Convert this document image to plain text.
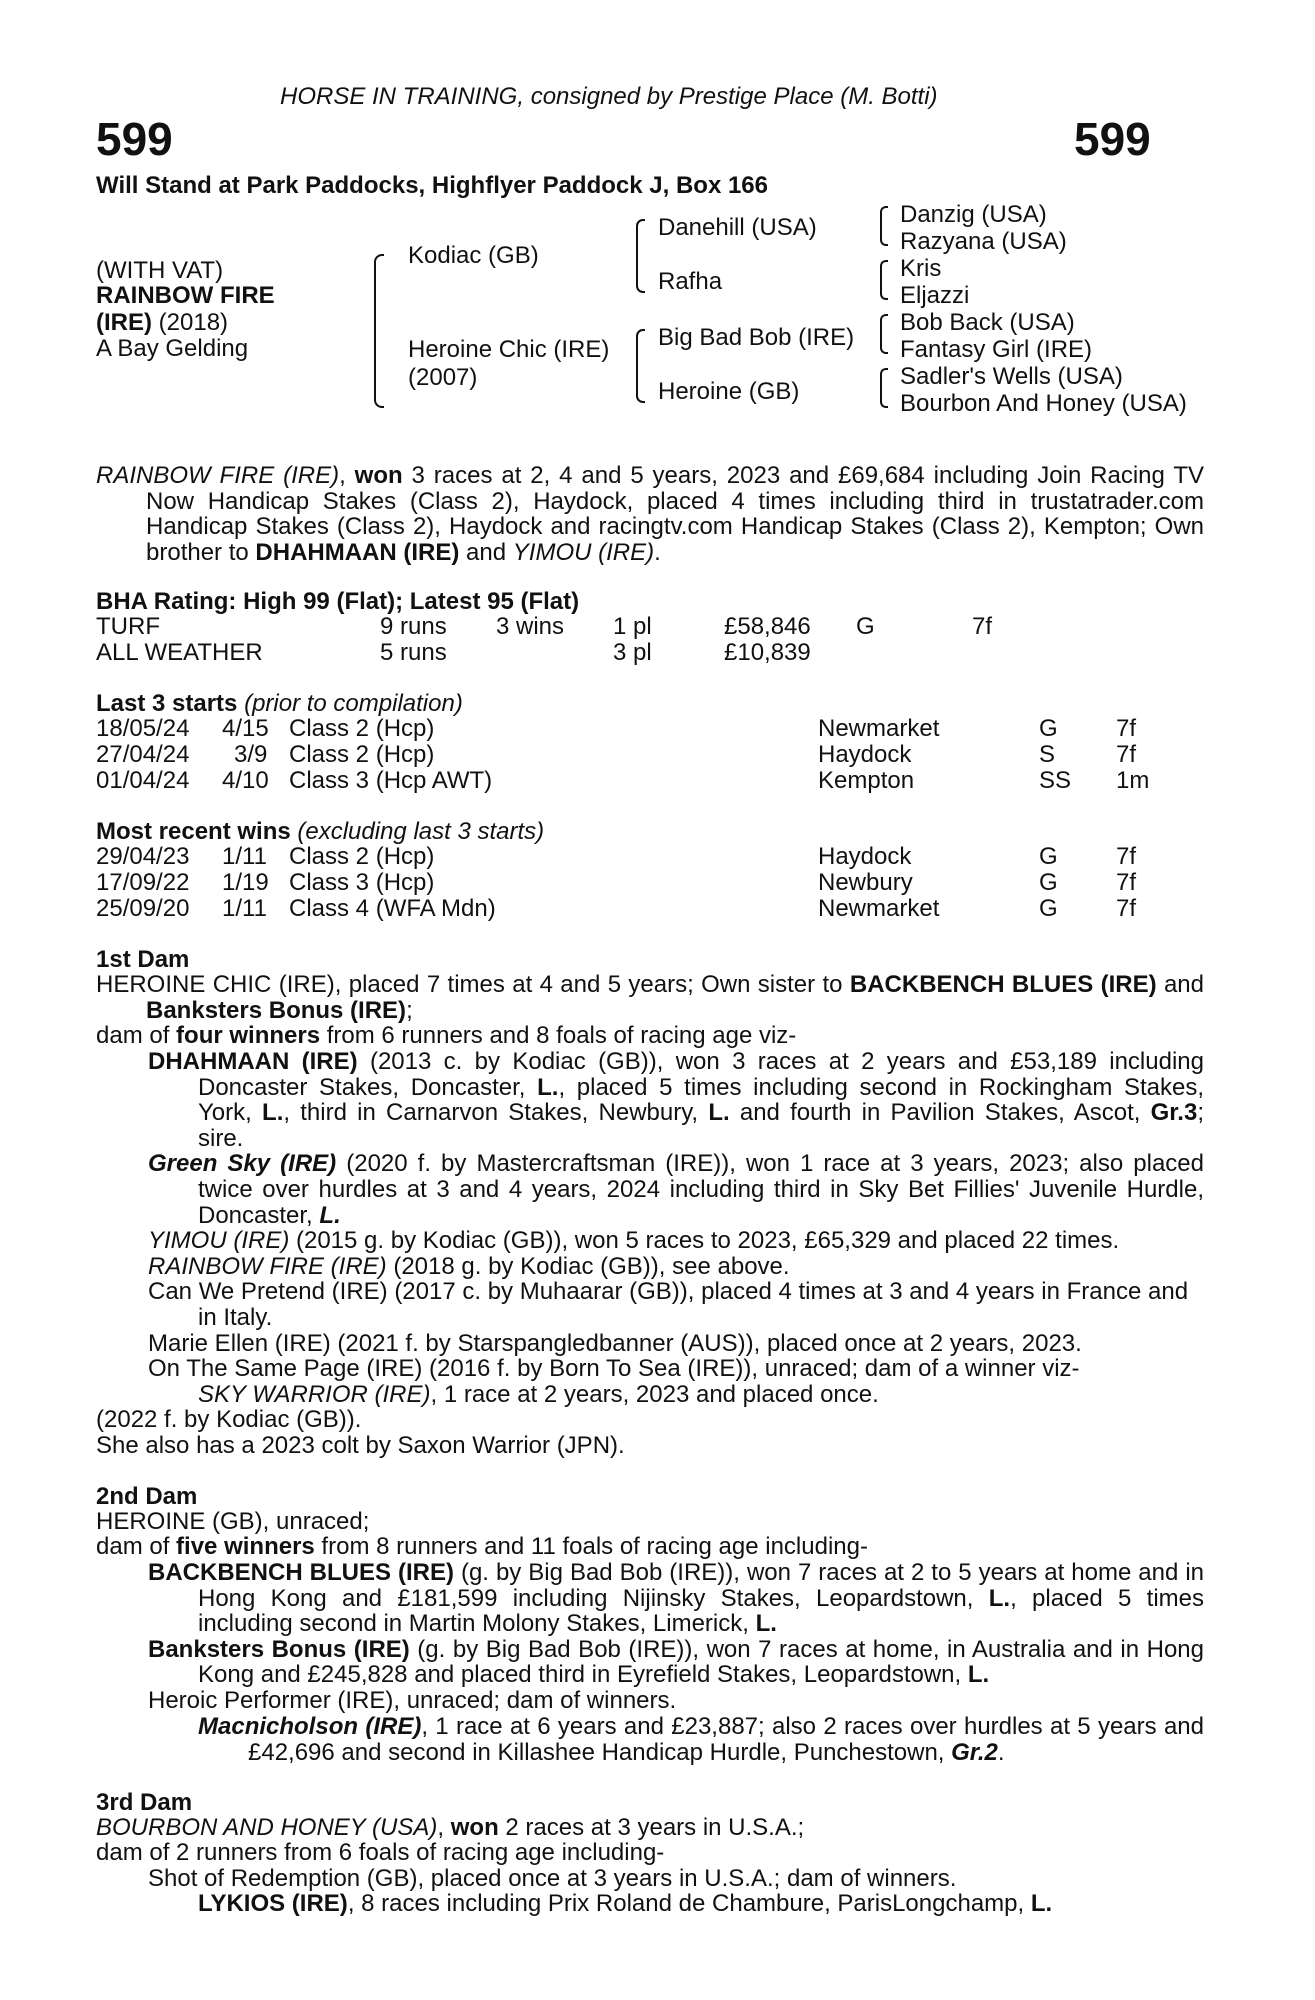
HORSE IN TRAINING, consigned by Prestige Place (M. Botti)
599	599
Will Stand at Park Paddocks, Highflyer Paddock J, Box 166
(WITH VAT)
RAINBOW FIRE
(IRE) (2018)
A Bay Gelding
Kodiac (GB)
Heroine Chic (IRE)
(2007)
Danehill (USA)
Rafha
Big Bad Bob (IRE)
Heroine (GB)
Danzig (USA)
Razyana (USA)
Kris
Eljazzi
Bob Back (USA)
Fantasy Girl (IRE)
Sadler's Wells (USA)
Bourbon And Honey (USA)
RAINBOW FIRE (IRE), won 3 races at 2, 4 and 5 years, 2023 and £69,684 including Join Racing TV Now Handicap Stakes (Class 2), Haydock, placed 4 times including third in trustatrader.com Handicap Stakes (Class 2), Haydock and racingtv.com Handicap Stakes (Class 2), Kempton; Own brother to DHAHMAAN (IRE) and YIMOU (IRE).
BHA Rating: High 99 (Flat); Latest 95 (Flat)
TURF	9 runs 3 wins 1 pl	£58,846 G	7f
ALL WEATHER	5 runs	3 pl	£10,839
Last 3 starts (prior to compilation)
18/05/24 4/15 Class 2 (Hcp)	Newmarket	G 7f
27/04/24 3/9 Class 2 (Hcp)	Haydock	S	7f
01/04/24 4/10 Class 3 (Hcp AWT)	Kempton	SS 1m
Most recent wins (excluding last 3 starts)
29/04/23 1/11 Class 2 (Hcp)	Haydock	G 7f
17/09/22 1/19 Class 3 (Hcp)	Newbury	G 7f
25/09/20 1/11 Class 4 (WFA Mdn)	Newmarket	G 7f
1st Dam
HEROINE CHIC (IRE), placed 7 times at 4 and 5 years; Own sister to BACKBENCH BLUES (IRE) and Banksters Bonus (IRE);
dam of four winners from 6 runners and 8 foals of racing age viz-
DHAHMAAN (IRE) (2013 c. by Kodiac (GB)), won 3 races at 2 years and £53,189 including Doncaster Stakes, Doncaster, L., placed 5 times including second in Rockingham Stakes, York, L., third in Carnarvon Stakes, Newbury, L. and fourth in Pavilion Stakes, Ascot, Gr.3; sire.
Green Sky (IRE) (2020 f. by Mastercraftsman (IRE)), won 1 race at 3 years, 2023; also placed twice over hurdles at 3 and 4 years, 2024 including third in Sky Bet Fillies' Juvenile Hurdle, Doncaster, L.
YIMOU (IRE) (2015 g. by Kodiac (GB)), won 5 races to 2023, £65,329 and placed 22 times.
RAINBOW FIRE (IRE) (2018 g. by Kodiac (GB)), see above.
Can We Pretend (IRE) (2017 c. by Muhaarar (GB)), placed 4 times at 3 and 4 years in France and in Italy.
Marie Ellen (IRE) (2021 f. by Starspangledbanner (AUS)), placed once at 2 years, 2023.
On The Same Page (IRE) (2016 f. by Born To Sea (IRE)), unraced; dam of a winner viz-
SKY WARRIOR (IRE), 1 race at 2 years, 2023 and placed once.
(2022 f. by Kodiac (GB)).
She also has a 2023 colt by Saxon Warrior (JPN).
2nd Dam
HEROINE (GB), unraced;
dam of five winners from 8 runners and 11 foals of racing age including-
BACKBENCH BLUES (IRE) (g. by Big Bad Bob (IRE)), won 7 races at 2 to 5 years at home and in Hong Kong and £181,599 including Nijinsky Stakes, Leopardstown, L., placed 5 times including second in Martin Molony Stakes, Limerick, L.
Banksters Bonus (IRE) (g. by Big Bad Bob (IRE)), won 7 races at home, in Australia and in Hong Kong and £245,828 and placed third in Eyrefield Stakes, Leopardstown, L.
Heroic Performer (IRE), unraced; dam of winners.
Macnicholson (IRE), 1 race at 6 years and £23,887; also 2 races over hurdles at 5 years and £42,696 and second in Killashee Handicap Hurdle, Punchestown, Gr.2.
3rd Dam
BOURBON AND HONEY (USA), won 2 races at 3 years in U.S.A.;
dam of 2 runners from 6 foals of racing age including-
Shot of Redemption (GB), placed once at 3 years in U.S.A.; dam of winners.
LYKIOS (IRE), 8 races including Prix Roland de Chambure, ParisLongchamp, L.
